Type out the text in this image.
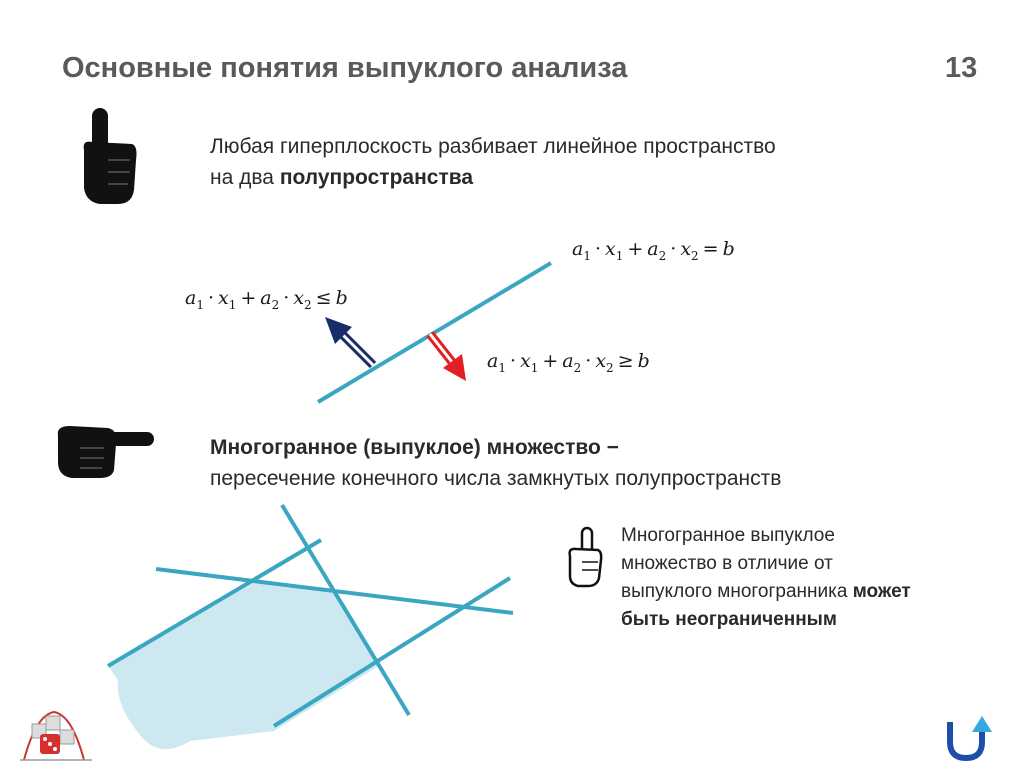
Основные понятия выпуклого анализа	13
Любая гиперплоскость разбивает линейное пространство
на два полупространства
$a_1 \cdot x_1 + a_2 \cdot x_2 = b$
$a_1 \cdot x_1 + a_2 \cdot x_2 \le b$
$a_1 \cdot x_1 + a_2 \cdot x_2 \ge b$
Многогранное (выпуклое) множество −
пересечение конечного числа замкнутых полупространств
Многогранное выпуклое
множество в отличие от
выпуклого многогранника может
быть неограниченным
